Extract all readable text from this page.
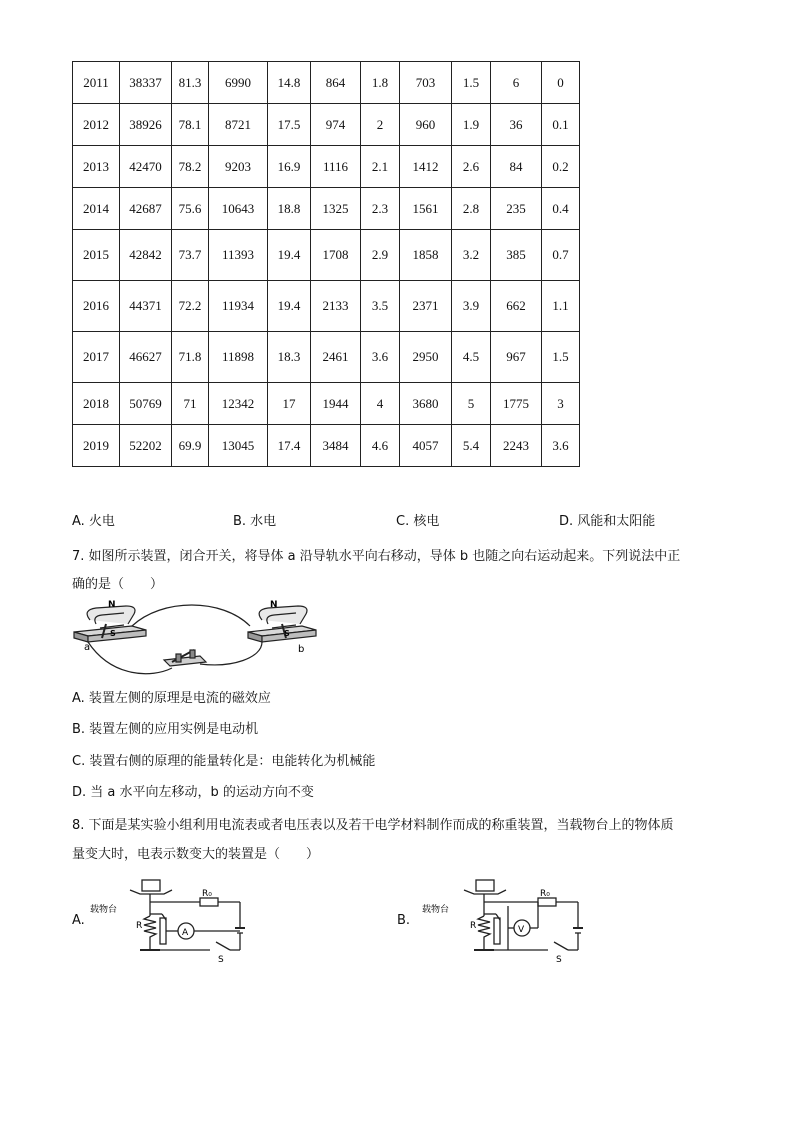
2011	38337	81.3	6990	14.8	864	1.8	703	1.5	6	0
2012	38926	78.1	8721	17.5	974	2	960	1.9	36	0.1
2013	42470	78.2	9203	16.9	1116	2.1	1412	2.6	84	0.2
2014	42687	75.6	10643	18.8	1325	2.3	1561	2.8	235	0.4
2015	42842	73.7	11393	19.4	1708	2.9	1858	3.2	385	0.7
2016	44371	72.2	11934	19.4	2133	3.5	2371	3.9	662	1.1
2017	46627	71.8	11898	18.3	2461	3.6	2950	4.5	967	1.5
2018	50769	71	12342	17	1944	4	3680	5	1775	3
2019	52202	69.9	13045	17.4	3484	4.6	4057	5.4	2243	3.6
A. 火电	B. 水电	C. 核电	D. 风能和太阳能
7. 如图所示装置，闭合开关，将导体 a 沿导轨水平向右移动，导体 b 也随之向右运动起来。下列说法中正
确的是（　　）
N
S
a
N
S
b
A. 装置左侧的原理是电流的磁效应
B. 装置左侧的应用实例是电动机
C. 装置右侧的原理的能量转化是：电能转化为机械能
D. 当 a 水平向左移动，b 的运动方向不变
8. 下面是某实验小组利用电流表或者电压表以及若干电学材料制作而成的称重装置，当载物台上的物体质
量变大时，电表示数变大的装置是（　　）
A.	B.
载物台
A
R₀
R
S
载物台
V
R₀
R
S
